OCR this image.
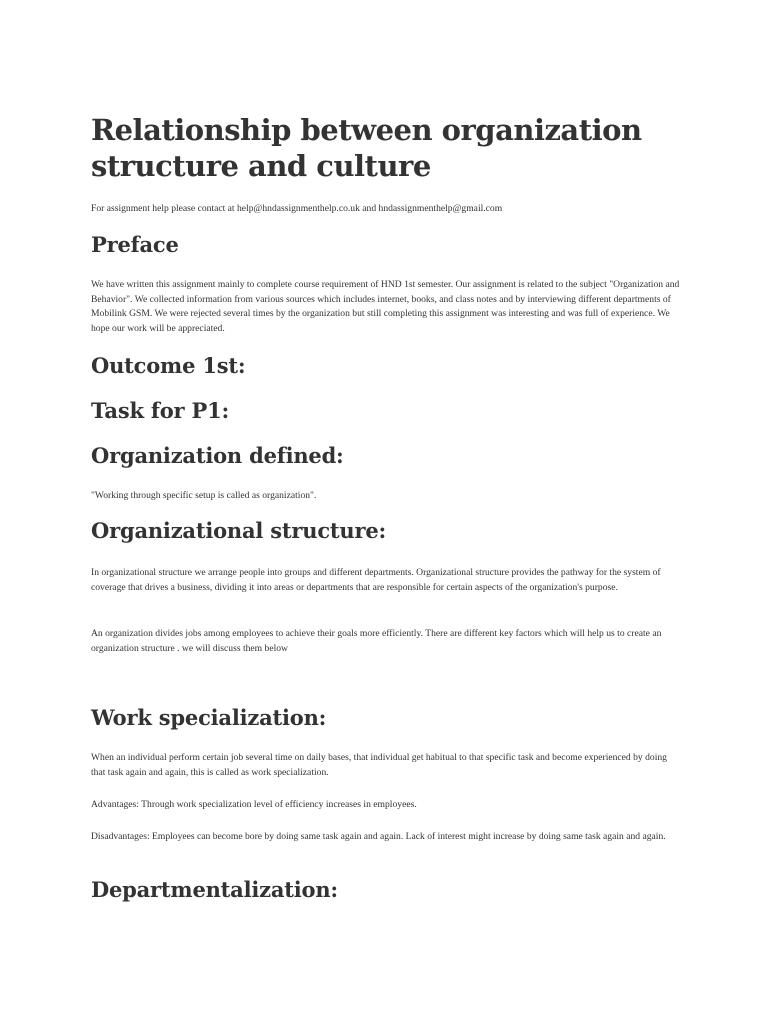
Relationship between organization structure and culture

For assignment help please contact at help@hndassignmenthelp.co.uk and hndassignmenthelp@gmail.com

Preface

We have written this assignment mainly to complete course requirement of HND 1st semester. Our assignment is related to the subject "Organization and Behavior". We collected information from various sources which includes internet, books, and class notes and by interviewing different departments of Mobilink GSM. We were rejected several times by the organization but still completing this assignment was interesting and was full of experience. We hope our work will be appreciated.

Outcome 1st:
Task for P1:
Organization defined:

"Working through specific setup is called as organization".

Organizational structure:

In organizational structure we arrange people into groups and different departments. Organizational structure provides the pathway for the system of coverage that drives a business, dividing it into areas or departments that are responsible for certain aspects of the organization's purpose.

An organization divides jobs among employees to achieve their goals more efficiently. There are different key factors which will help us to create an organization structure . we will discuss them below

Work specialization:

When an individual perform certain job several time on daily bases, that individual get habitual to that specific task and become experienced by doing that task again and again, this is called as work specialization.

Advantages: Through work specialization level of efficiency increases in employees.

Disadvantages: Employees can become bore by doing same task again and again. Lack of interest might increase by doing same task again and again.

Departmentalization:
